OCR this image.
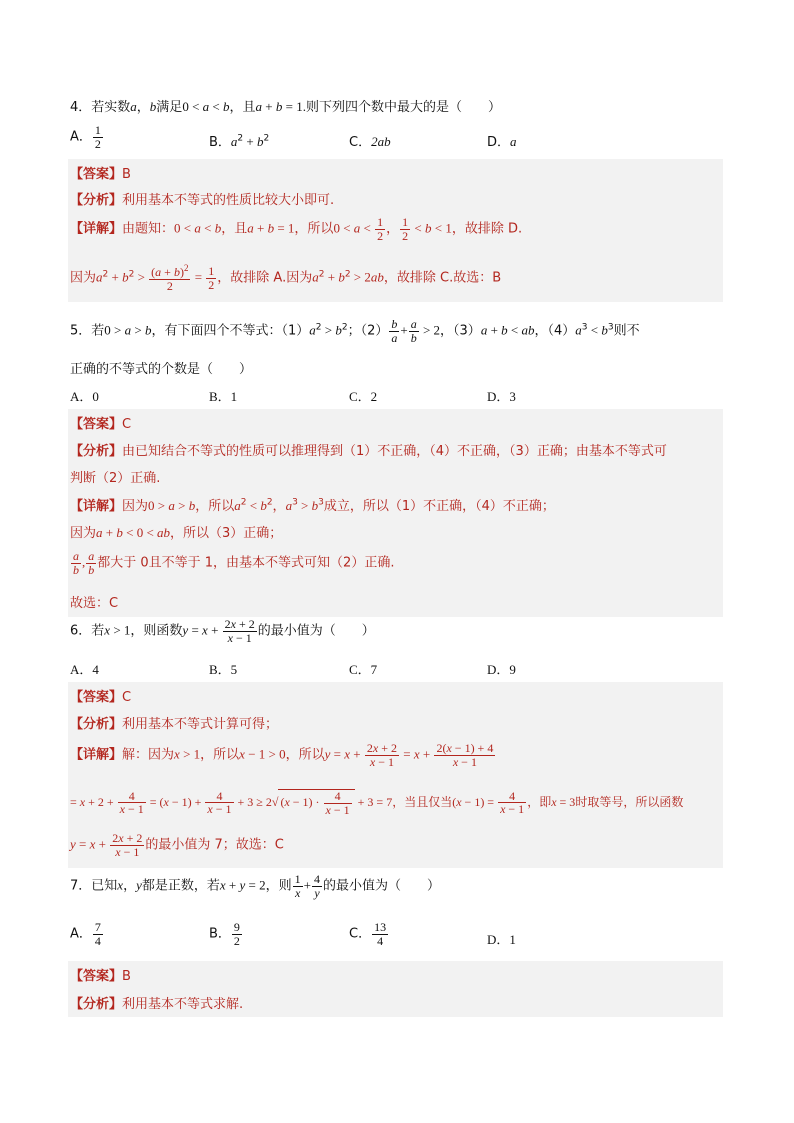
4．若实数a，b满足0 < a < b，且a + b = 1.则下列四个数中最大的是（　　）
A． $\frac{1}{2}$	B．$a^2 + b^2$	C．2ab	D．a
【答案】B
【分析】利用基本不等式的性质比较大小即可.
【详解】由题知：0 < a < b，且a + b = 1，所以$0 < a < \frac{1}{2}$ ， $\frac{1}{2} < b < 1$，故排除 D.
因为$a^2 + b^2 > \frac{(a + b)^2}{2} = \frac{1}{2}$ ，故排除 A.因为$a^2 + b^2 > 2ab$，故排除 C.故选：B
5．若0 > a > b，有下面四个不等式：$(1)a^2 > b^2$；$(2) \frac{b}{a} + \frac{a}{b} > 2$，（3）a + b < ab，$(4)a^3 < b^3$则不
正确的不等式的个数是（　　）
A．0	B．1	C．2	D．3
【答案】C
【分析】由已知结合不等式的性质可以推理得到（1）不正确，（4）不正确，（3）正确；由基本不等式可
判断（2）正确.
【详解】因为0 > a > b，所以$a^2 < b^2$，$a^3 > b^3$成立，所以（1）不正确，（4）不正确；
因为a + b < 0 < ab，所以（3）正确；
$\frac{a}{b}$ , $\frac{a}{b}$ 都大于 0且不等于 1，由基本不等式可知（2）正确.
故选：C
6．若x > 1，则函数$y = x + \frac{2x + 2}{x - 1}$ 的最小值为（　　）
A．4	B．5	C．7	D．9
【答案】C
【分析】利用基本不等式计算可得；
【详解】解：因为x > 1，所以x − 1 > 0，所以$y = x + \frac{2x + 2}{x - 1} = x + \frac{2(x - 1) + 4}{x - 1}$
= $x + 2 + \frac{4}{x - 1} = (x - 1) + \frac{4}{x - 1} + 3 \ge 2√$ $(x - 1) \cdot \frac{4}{x - 1} + 3 = 7$，当且仅当$(x - 1) = \frac{4}{x - 1}$ ，即x = 3时取等号，所以函数
$y = x + \frac{2x + 2}{x - 1}$ 的最小值为 7；故选：C
7．已知x，y都是正数，若x + y = 2，则 $\frac{1}{x} + \frac{4}{y}$ 的最小值为（　　）
A． $\frac{7}{4}$	B． $\frac{9}{2}$	C． $\frac{13}{4}$	D．1
【答案】B
【分析】利用基本不等式求解.
